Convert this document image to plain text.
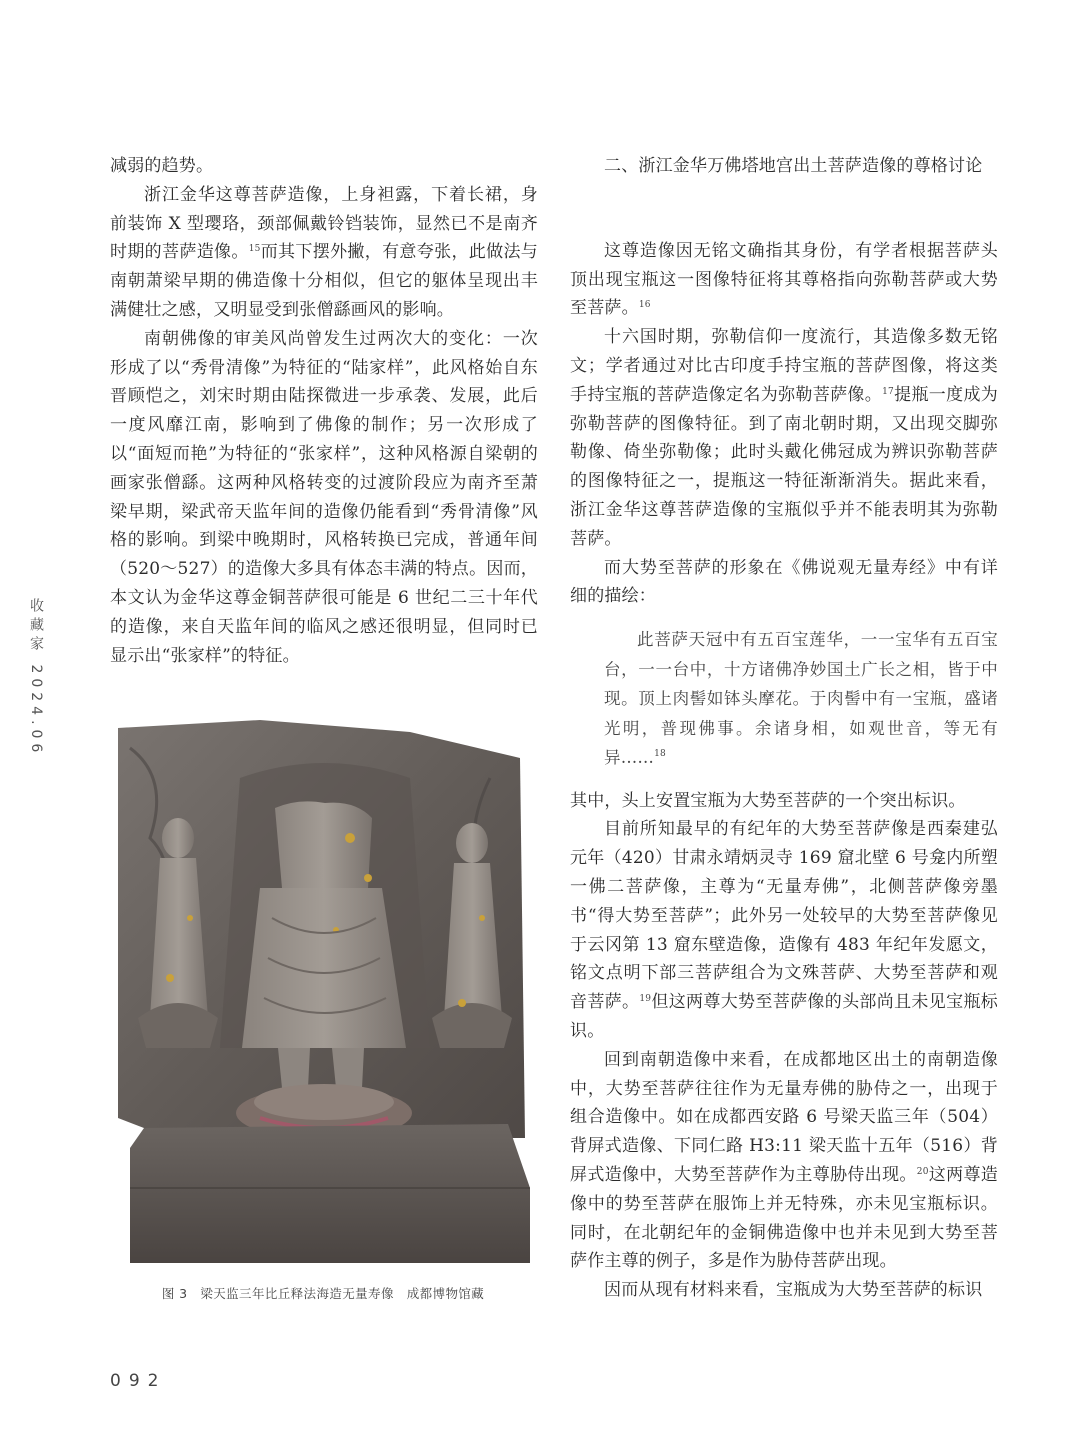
收藏家 2024.06

减弱的趋势。

浙江金华这尊菩萨造像，上身袒露，下着长裙，身前装饰 X 型璎珞，颈部佩戴铃铛装饰，显然已不是南齐时期的菩萨造像。$^{15}$而其下摆外撇，有意夸张，此做法与南朝萧梁早期的佛造像十分相似，但它的躯体呈现出丰满健壮之感，又明显受到张僧繇画风的影响。

南朝佛像的审美风尚曾发生过两次大的变化：一次形成了以“秀骨清像”为特征的“陆家样”，此风格始自东晋顾恺之，刘宋时期由陆探微进一步承袭、发展，此后一度风靡江南，影响到了佛像的制作；另一次形成了以“面短而艳”为特征的“张家样”，这种风格源自梁朝的画家张僧繇。这两种风格转变的过渡阶段应为南齐至萧梁早期，梁武帝天监年间的造像仍能看到“秀骨清像”风格的影响。到梁中晚期时，风格转换已完成，普通年间（520～527）的造像大多具有体态丰满的特点。因而，本文认为金华这尊金铜菩萨很可能是 6 世纪二三十年代的造像，来自天监年间的临风之感还很明显，但同时已显示出“张家样”的特征。

图 3　梁天监三年比丘释法海造无量寿像　成都博物馆藏

二、浙江金华万佛塔地宫出土菩萨造像的尊格讨论

这尊造像因无铭文确指其身份，有学者根据菩萨头顶出现宝瓶这一图像特征将其尊格指向弥勒菩萨或大势至菩萨。$^{16}$

十六国时期，弥勒信仰一度流行，其造像多数无铭文；学者通过对比古印度手持宝瓶的菩萨图像，将这类手持宝瓶的菩萨造像定名为弥勒菩萨像。$^{17}$提瓶一度成为弥勒菩萨的图像特征。到了南北朝时期，又出现交脚弥勒像、倚坐弥勒像；此时头戴化佛冠成为辨识弥勒菩萨的图像特征之一，提瓶这一特征渐渐消失。据此来看，浙江金华这尊菩萨造像的宝瓶似乎并不能表明其为弥勒菩萨。

而大势至菩萨的形象在《佛说观无量寿经》中有详细的描绘：

此菩萨天冠中有五百宝莲华，一一宝华有五百宝台，一一台中，十方诸佛净妙国土广长之相，皆于中现。顶上肉髻如钵头摩花。于肉髻中有一宝瓶，盛诸光明，普现佛事。余诸身相，如观世音，等无有异……$^{18}$

其中，头上安置宝瓶为大势至菩萨的一个突出标识。

目前所知最早的有纪年的大势至菩萨像是西秦建弘元年（420）甘肃永靖炳灵寺 169 窟北壁 6 号龛内所塑一佛二菩萨像，主尊为“无量寿佛”，北侧菩萨像旁墨书“得大势至菩萨”；此外另一处较早的大势至菩萨像见于云冈第 13 窟东壁造像，造像有 483 年纪年发愿文，铭文点明下部三菩萨组合为文殊菩萨、大势至菩萨和观音菩萨。$^{19}$但这两尊大势至菩萨像的头部尚且未见宝瓶标识。

回到南朝造像中来看，在成都地区出土的南朝造像中，大势至菩萨往往作为无量寿佛的胁侍之一，出现于组合造像中。如在成都西安路 6 号梁天监三年（504）背屏式造像、下同仁路 H3:11 梁天监十五年（516）背屏式造像中，大势至菩萨作为主尊胁侍出现。$^{20}$这两尊造像中的势至菩萨在服饰上并无特殊，亦未见宝瓶标识。同时，在北朝纪年的金铜佛造像中也并未见到大势至菩萨作主尊的例子，多是作为胁侍菩萨出现。

因而从现有材料来看，宝瓶成为大势至菩萨的标识

092
